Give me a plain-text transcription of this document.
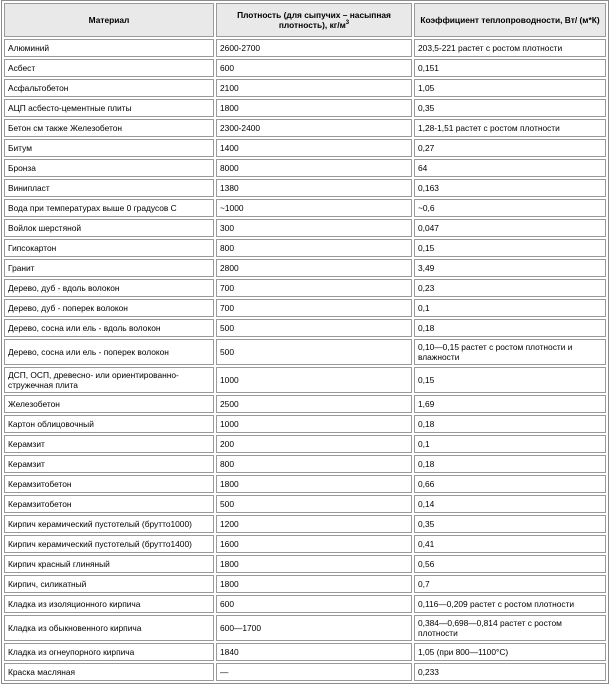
Материал	Плотность (для сыпучих – насыпная плотность), $кг/м^3$	Коэффициент теплопроводности, Вт/ (м*К)
Алюминий	2600-2700	203,5-221 растет с ростом плотности
Асбест	600	0,151
Асфальтобетон	2100	1,05
АЦП асбесто-цементные плиты	1800	0,35
Бетон см также Железобетон	2300-2400	1,28-1,51 растет с ростом плотности
Битум	1400	0,27
Бронза	8000	64
Винипласт	1380	0,163
Вода при температурах выше 0 градусов С	~1000	~0,6
Войлок шерстяной	300	0,047
Гипсокартон	800	0,15
Гранит	2800	3,49
Дерево, дуб - вдоль волокон	700	0,23
Дерево, дуб - поперек волокон	700	0,1
Дерево, сосна или ель - вдоль волокон	500	0,18
Дерево, сосна или ель - поперек волокон	500	0,10—0,15 растет с ростом плотности и влажности
ДСП, ОСП, древесно- или ориентированно-стружечная плита	1000	0,15
Железобетон	2500	1,69
Картон облицовочный	1000	0,18
Керамзит	200	0,1
Керамзит	800	0,18
Керамзитобетон	1800	0,66
Керамзитобетон	500	0,14
Кирпич керамический пустотелый (брутто1000)	1200	0,35
Кирпич керамический пустотелый (брутто1400)	1600	0,41
Кирпич красный глиняный	1800	0,56
Кирпич, силикатный	1800	0,7
Кладка из изоляционного кирпича	600	0,116—0,209 растет с ростом плотности
Кладка из обыкновенного кирпича	600—1700	0,384—0,698—0,814 растет с ростом плотности
Кладка из огнеупорного кирпича	1840	1,05 (при 800—1100°С)
Краска масляная	—	0,233
